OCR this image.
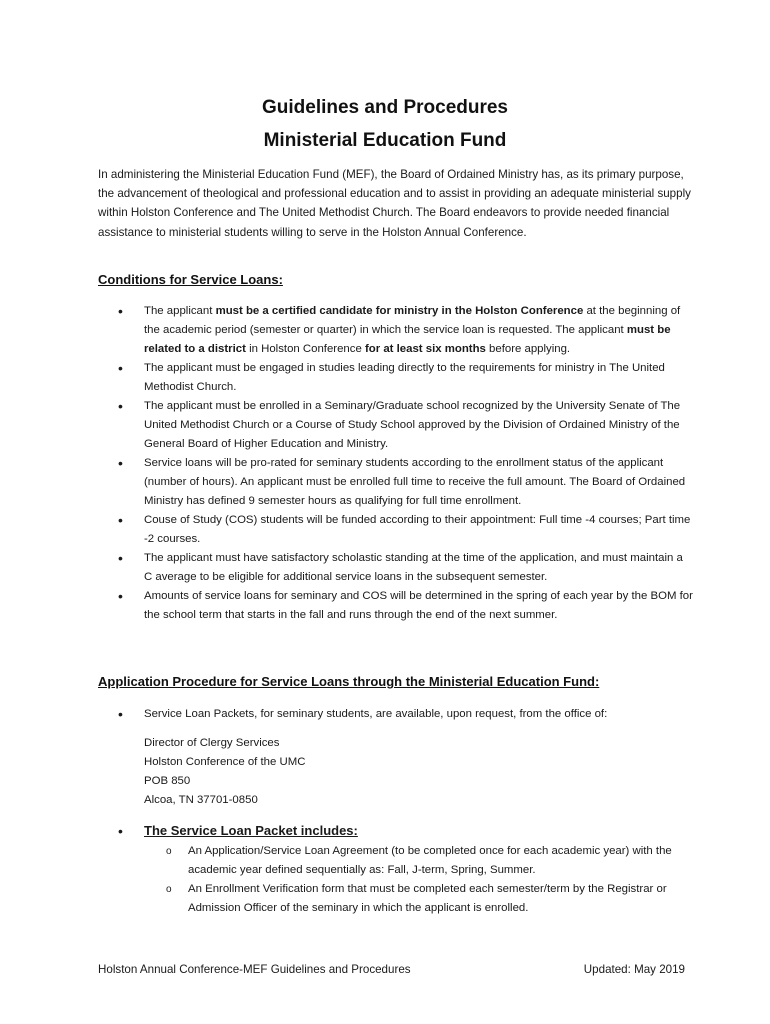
Guidelines and Procedures
Ministerial Education Fund
In administering the Ministerial Education Fund (MEF), the Board of Ordained Ministry has, as its primary purpose, the advancement of theological and professional education and to assist in providing an adequate ministerial supply within Holston Conference and The United Methodist Church. The Board endeavors to provide needed financial assistance to ministerial students willing to serve in the Holston Annual Conference.
Conditions for Service Loans:
• The applicant must be a certified candidate for ministry in the Holston Conference at the beginning of the academic period (semester or quarter) in which the service loan is requested. The applicant must be related to a district in Holston Conference for at least six months before applying.
• The applicant must be engaged in studies leading directly to the requirements for ministry in The United Methodist Church.
• The applicant must be enrolled in a Seminary/Graduate school recognized by the University Senate of The United Methodist Church or a Course of Study School approved by the Division of Ordained Ministry of the General Board of Higher Education and Ministry.
• Service loans will be pro-rated for seminary students according to the enrollment status of the applicant (number of hours). An applicant must be enrolled full time to receive the full amount. The Board of Ordained Ministry has defined 9 semester hours as qualifying for full time enrollment.
• Couse of Study (COS) students will be funded according to their appointment: Full time -4 courses; Part time -2 courses.
• The applicant must have satisfactory scholastic standing at the time of the application, and must maintain a C average to be eligible for additional service loans in the subsequent semester.
• Amounts of service loans for seminary and COS will be determined in the spring of each year by the BOM for the school term that starts in the fall and runs through the end of the next summer.
Application Procedure for Service Loans through the Ministerial Education Fund:
• Service Loan Packets, for seminary students, are available, upon request, from the office of:
Director of Clergy Services
Holston Conference of the UMC
POB 850
Alcoa, TN 37701-0850
• The Service Loan Packet includes:
o An Application/Service Loan Agreement (to be completed once for each academic year) with the academic year defined sequentially as: Fall, J-term, Spring, Summer.
o An Enrollment Verification form that must be completed each semester/term by the Registrar or Admission Officer of the seminary in which the applicant is enrolled.
Holston Annual Conference-MEF Guidelines and Procedures	Updated: May 2019
